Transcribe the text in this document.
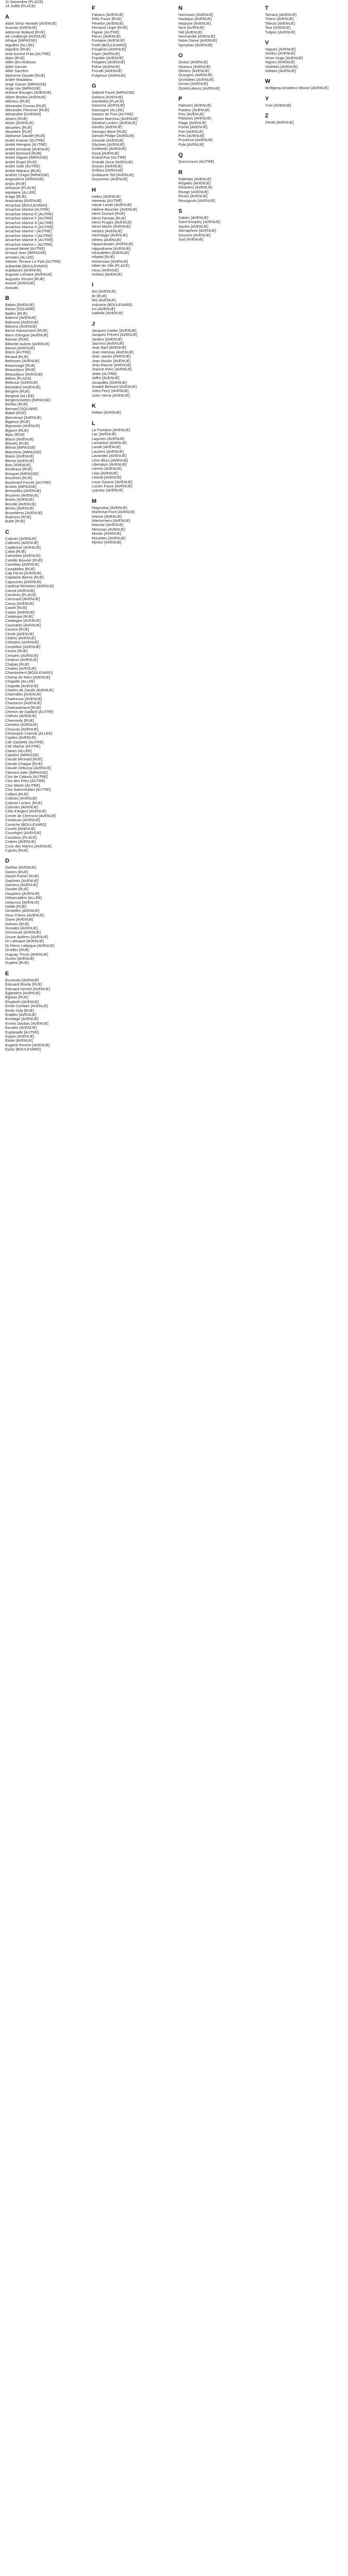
11 Novembre [PLACE]
14 Juillet [PLACE]
A
Abbé Séraï Henette [AVENUE]
Acacias [AVENUE]
Adrienne Bolland [RUE]
Aé Lindbergh [AVENUE]
Afrique [IMPASSE]
Aiguilles [ALLÉE]
Aiguillon [RUE]
Ainé Ancest Frais [AUTRE]
Alain [RUE]
Allée des Ardoises
Allée Garnier
Allée Sacrées
Alphonse Daudet [RUE]
André Maublanc
Ange Gaïner [IMPASSE]
Ange Isle [IMPASSE]
Antoine Bourges [AVENUE]
Albert Briollot [AVENUE]
Albrieux [RUE]
Alexandre Dumas [RUE]
Alexandre Flemmer [RUE]
Alexandrie [CHEMIN]
Alisers [RUE]
Alizés [AVENUE]
Alouettes [RUE]
Alouettes [RUE]
Alphonse Daudet [RUE]
André Kramer [AUTRE]
André Hemgrar [AUTRE]
André Armandy [AVENUE]
André Bonnard [RUE]
André Digues [IMPASSE]
André Engel [RUE]
André Gide [AUTRE]
André Malraux [RUE]
Andrée Chigot [IMPASSE]
Angoulème [IMPASSE]
Anjou [RUE]
Antrauze [PLACE]
Aquitaine [ALLÉE]
Arago [RUE]
Araucarias [AVENUE]
Arcachon [BOULEVARD]
Arcachon Marine [AUTRE]
Arcachon Marine E [AUTRE]
Arcachon Marine F [AUTRE]
Arcachon Marine G [AUTRE]
Arcachon Marine H [AUTRE]
Arcachon Marine I [AUTRE]
Arcachon Marine J [AUTRE]
Arcachon Marine K [AUTRE]
Arcachon Marine L [AUTRE]
Armand Bénié [AUTRE]
Arnaud Jean [IMPASSE]
Arrivées [ALLÉE]
Atlantic Terrace Le Pyla [AUTRE]
Aubarède [BOULEVARD]
Aubépines [AVENUE]
Auguste Lemaire [AVENUE]
Augustin Vincent [RUE]
Aurore [AVENUE]
Avocats
B
Babes [AVENUE]
Bases [SQUARE]
Bailles [RUE]
Balerne [AVENUE]
Balmoral [AVENUE]
Balsons [AVENUE]
Baron Haussmann [RUE]
Barrs d'Angoin [AVENUE]
Bassac [RUE]
Bâtarde-Aulnes [AVENUE]
Bassin [AVENUE]
Beers [AUTRE]
Béraud [RUE]
Bethoven [AVENUE]
Beaurivage [RUE]
Beauséjour [RUE]
Beauséjour [AVENUE]
Bélem [PLACE]
Bellevue [AVENUE]
Belvédère [AVENUE]
Bérgère [RUE]
Bergerie [ALLÉE]
Bergeronnettes [IMPASSE]
Berlioz [RUE]
Bernard [SQUARE]
Bidart [RUE]
Bienvenue [AVENUE]
Biganos [RUE]
Bignonias [AVENUE]
Bigorre [RUE]
Bijou [RUE]
Blacio [AVENUE]
Bleuets [RUE]
Blériot [IMPASSE]
Blanchets [IMPASSE]
Blaise [AVENUE]
Blériot [AVENUE]
Bois [AVENUE]
Bordeaux [RUE]
Bosquet [IMPASSE]
Bouchers [RUE]
Boulevard Forcier [AUTRE]
Brulots [IMPASSE]
Bressolles [AVENUE]
Bruyères [AVENUE]
Brises [AVENUE]
Bricolle [AVENUE]
Brives [AVENUE]
Brunelières [AVENUE]
Bulerons [RUE]
Butte [RUE]
C
Cabrols [AVENUE]
Cabinets [AVENUE]
Calabrèse [AVENUE]
Callot [RUE]
Calmettes [AVENUE]
Camille Bouvier [RUE]
Camélias [AVENUE]
Canadelles [RUE]
Cap Ferret [AVENUE]
Capitaine Bernis [RUE]
Capucines [AVENUE]
Cardinal Richelieu [AVENUE]
Carnot [AVENUE]
Carrières [PLACE]
Carrousel [AVENUE]
Cassy [AVENUE]
Castel [RUE]
Castor [AVENUE]
Cataloupe [RUE]
Catalogne [AVENUE]
Caumartin [AVENUE]
Causse [RUE]
Cécile [AVENUE]
Cèdres [AVENUE]
Célestins [AVENUE]
Cendrillon [AVENUE]
Centre [RUE]
Cerisiers [AVENUE]
Cesbron [AVENUE]
Chabas [RUE]
Chalets [AVENUE]
Chambrelent [BOULEVARD]
Champ de Mars [AVENUE]
Chapelle [ALLÉE]
Chapelle [AVENUE]
Charles de Gaulle [AVENUE]
Charmilles [AVENUE]
Chartreuse [AVENUE]
Chasseurs [AVENUE]
Chateaubriand [RUE]
Chemin de Gaillard [AUTRE]
Chênes [AVENUE]
Chevreuils [RUE]
Chimère [AVENUE]
Choucas [AVENUE]
Christophe Colomb [ALLÉE]
Cigales [AVENUE]
Cité Gardette [AUTRE]
Cité Marine [AUTRE]
Claires [ALLÉE]
Clairière [IMPASSE]
Claude Bernard [RUE]
Claude Chappe [RUE]
Claude Debussy [AVENUE]
Clément Ader [IMPASSE]
Clos de Cabous [AUTRE]
Clos des Fées [AUTRE]
Clos Martin [AUTRE]
Clos Saint-Hubert [AUTRE]
Colbert [RUE]
Collines [AVENUE]
Colonel Leclerc [RUE]
Colonies [AVENUE]
Côte d'Argent [AVENUE]
Comte de Clermont [AVENUE]
Cordouan [AVENUE]
Corniche [BOULEVARD]
Courlis [AVENUE]
Courrèges [AVENUE]
Cousteau [PLACE]
Crabes [AVENUE]
Croix des Marins [AVENUE]
Cyprès [RUE]
D
Dahlias [AVENUE]
Dames [RUE]
Daniel Poirier [RUE]
Daphnés [AVENUE]
Darrieux [AVENUE]
Daudet [RUE]
Dauphins [AVENUE]
Débarcadère [ALLÉE]
Delacroix [AVENUE]
Delille [RUE]
Dentelles [AVENUE]
Deux Frères [AVENUE]
Diane [AVENUE]
Dolmen [RUE]
Dorades [AVENUE]
Dormeuse [AVENUE]
Douze Apôtres [AVENUE]
Dr Lalesque [AVENUE]
Dr Pierre Lafargue [AVENUE]
Druides [RUE]
Duguay Trouin [AVENUE]
Dunes [AVENUE]
Dupleix [RUE]
E
Écureuils [AVENUE]
Édouard Branly [RUE]
Édouard Herriot [AVENUE]
Églantiers [AVENUE]
Églises [RUE]
Élisabeth [AVENUE]
Emile Combes [AVENUE]
Émile Zola [RUE]
Érables [AVENUE]
Ermitage [AVENUE]
Ernest Daubas [AVENUE]
Escales [AVENUE]
Esplanade [AUTRE]
Espoir [AVENUE]
Étoile [AVENUE]
Eugène Pereire [AVENUE]
Eyrac [BOULEVARD]
F
Faisans [AVENUE]
Félix Faure [RUE]
Fénelon [AVENUE]
Fernand Léger [RUE]
Figuier [AUTRE]
Fleurs [AVENUE]
Fontaine [AVENUE]
Forêt [BOULEVARD]
Fougères [AVENUE]
Foyer [AVENUE]
Franklin [AVENUE]
Frégates [AVENUE]
Frêne [AVENUE]
Fronde [AVENUE]
Fulgence [AVENUE]
G
Gabriel Fauré [IMPASSE]
Galions [AVENUE]
Gambetta [PLACE]
Garenne [AVENUE]
Gascogne [ALLÉE]
Gaston de Foix [AUTRE]
Gaston Marchou [AVENUE]
Général Leclerc [AVENUE]
Genêts [AVENUE]
Georges Bizet [RUE]
Gérard Philipe [AVENUE]
Gironde [AVENUE]
Glycines [AVENUE]
Goélands [AVENUE]
Goya [AVENUE]
Grand Rue [AUTRE]
Grande Dune [AVENUE]
Graves [AVENUE]
Grillons [AVENUE]
Guillaume Tell [AVENUE]
Guynemer [AVENUE]
H
Halles [AVENUE]
Hameau [AUTRE]
Haute Lande [AVENUE]
Hélène Boucher [AVENUE]
Henri Dunant [RUE]
Henri Farman [RUE]
Henri Frugès [AVENUE]
Henri Martin [AVENUE]
Herbes [AVENUE]
Hermitage [AVENUE]
Hêtres [AVENUE]
Hippocampes [AVENUE]
Hippodrome [AVENUE]
Hirondelles [AVENUE]
Hôpital [RUE]
Hortensias [AVENUE]
Hôtel de Ville [PLACE]
Houx [AVENUE]
Huîtres [AVENUE]
I
Ibis [AVENUE]
Île [RUE]
Îles [AVENUE]
Industrie [BOULEVARD]
Iris [AVENUE]
Isabelle [AVENUE]
J
Jacques Cartier [AVENUE]
Jacques Prévert [AVENUE]
Jardins [AVENUE]
Jasmins [AVENUE]
Jean Bart [AVENUE]
Jean Hameau [AVENUE]
Jean Jaurès [AVENUE]
Jean Moulin [AVENUE]
Jean Racine [AVENUE]
Jeanne d'Arc [AVENUE]
Jetée [AUTRE]
Joffre [AVENUE]
Jonquilles [AVENUE]
Joseph Bernard [AVENUE]
Jules Ferry [AVENUE]
Jules Verne [AVENUE]
K
Kléber [AVENUE]
L
La Fontaine [AVENUE]
Lac [AVENUE]
Lagunes [AVENUE]
Lamartine [AVENUE]
Lande [AVENUE]
Lauriers [AVENUE]
Lavandes [AVENUE]
Léon Blum [AVENUE]
Libération [AVENUE]
Lierres [AVENUE]
Lilas [AVENUE]
Littoral [AVENUE]
Louis Gaume [AVENUE]
Lucien Faure [AVENUE]
Lyautey [AVENUE]
M
Magnolias [AVENUE]
Maréchal Foch [AVENUE]
Marine [AVENUE]
Marronniers [AVENUE]
Mauriac [AVENUE]
Mimosas [AVENUE]
Moulin [AVENUE]
Mouettes [AVENUE]
Myrtes [AVENUE]
N
Narcisses [AVENUE]
Nautique [AVENUE]
Neptune [AVENUE]
Nice [AVENUE]
Nid [AVENUE]
Normandie [AVENUE]
Notre Dame [AVENUE]
Nymphes [AVENUE]
O
Océan [AVENUE]
Oiseaux [AVENUE]
Oliviers [AVENUE]
Orangers [AVENUE]
Orchidées [AVENUE]
Ormes [AVENUE]
Ostréiculteurs [AVENUE]
P
Palmiers [AVENUE]
Pasteur [AVENUE]
Pins [AVENUE]
Platanes [AVENUE]
Plage [AVENUE]
Pointe [AVENUE]
Port [AVENUE]
Prés [AVENUE]
Provence [AVENUE]
Pyla [AVENUE]
Q
Quinconces [AUTRE]
R
Rabelais [AVENUE]
Régates [AVENUE]
Résiniers [AVENUE]
Rivage [AVENUE]
Roses [AVENUE]
Rossignols [AVENUE]
S
Sables [AVENUE]
Saint-Exupéry [AVENUE]
Saules [AVENUE]
Sémaphore [AVENUE]
Sources [AVENUE]
Sud [AVENUE]
T
Tamaris [AVENUE]
Thiers [AVENUE]
Tilleuls [AVENUE]
Tour [AVENUE]
Tulipes [AVENUE]
V
Vagues [AVENUE]
Verdun [AVENUE]
Victor Hugo [AVENUE]
Vignes [AVENUE]
Violettes [AVENUE]
Voltaire [AVENUE]
W
Wolfgang Amadeus Mozart [AVENUE]
Y
Yser [AVENUE]
Z
Zénith [AVENUE]
